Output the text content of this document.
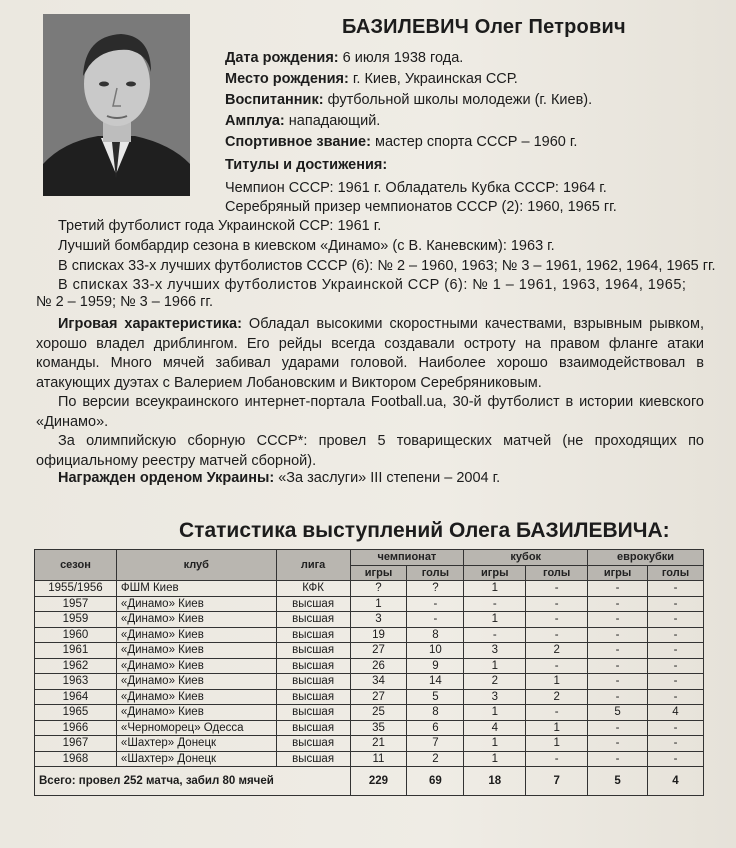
БАЗИЛЕВИЧ Олег Петрович
Дата рождения: 6 июля 1938 года.
Место рождения: г. Киев, Украинская ССР.
Воспитанник: футбольной школы молодежи (г. Киев).
Амплуа: нападающий.
Спортивное звание: мастер спорта СССР – 1960 г.
Титулы и достижения:
Чемпион СССР: 1961 г. Обладатель Кубка СССР: 1964 г.
Серебряный призер чемпионатов СССР (2): 1960, 1965 гг.
Третий футболист года Украинской ССР: 1961 г.
Лучший бомбардир сезона в киевском «Динамо» (с В. Каневским): 1963 г.
В списках 33-х лучших футболистов СССР (6): № 2 – 1960, 1963; № 3 – 1961, 1962, 1964, 1965 гг.
В списках 33-х лучших футболистов Украинской ССР (6): № 1 – 1961, 1963, 1964, 1965;
№ 2 – 1959; № 3 – 1966 гг.
Игровая характеристика: Обладал высокими скоростными качествами, взрывным рывком, хорошо владел дриблингом. Его рейды всегда создавали остроту на правом фланге атаки команды. Много мячей забивал ударами головой. Наиболее хорошо взаимодействовал в атакующих дуэтах с Валерием Лобановским и Виктором Серебряниковым.
По версии всеукраинского интернет-портала Football.ua, 30-й футболист в истории киевского «Динамо».
За олимпийскую сборную СССР*: провел 5 товарищеских матчей (не проходящих по официальному реестру матчей сборной).
Награжден орденом Украины: «За заслуги» III степени – 2004 г.
Статистика выступлений Олега БАЗИЛЕВИЧА:
сезон	клуб	лига	чемпионат		кубок		еврокубки	
			игры	голы	игры	голы	игры	голы
1955/1956	ФШМ Киев	КФК	?	?	1	-	-	-
1957	«Динамо» Киев	высшая	1	-	-	-	-	-
1959	«Динамо» Киев	высшая	3	-	1	-	-	-
1960	«Динамо» Киев	высшая	19	8	-	-	-	-
1961	«Динамо» Киев	высшая	27	10	3	2	-	-
1962	«Динамо» Киев	высшая	26	9	1	-	-	-
1963	«Динамо» Киев	высшая	34	14	2	1	-	-
1964	«Динамо» Киев	высшая	27	5	3	2	-	-
1965	«Динамо» Киев	высшая	25	8	1	-	5	4
1966	«Черноморец» Одесса	высшая	35	6	4	1	-	-
1967	«Шахтер» Донецк	высшая	21	7	1	1	-	-
1968	«Шахтер» Донецк	высшая	11	2	1	-	-	-
Всего: провел 252 матча, забил 80 мячей			229	69	18	7	5	4
